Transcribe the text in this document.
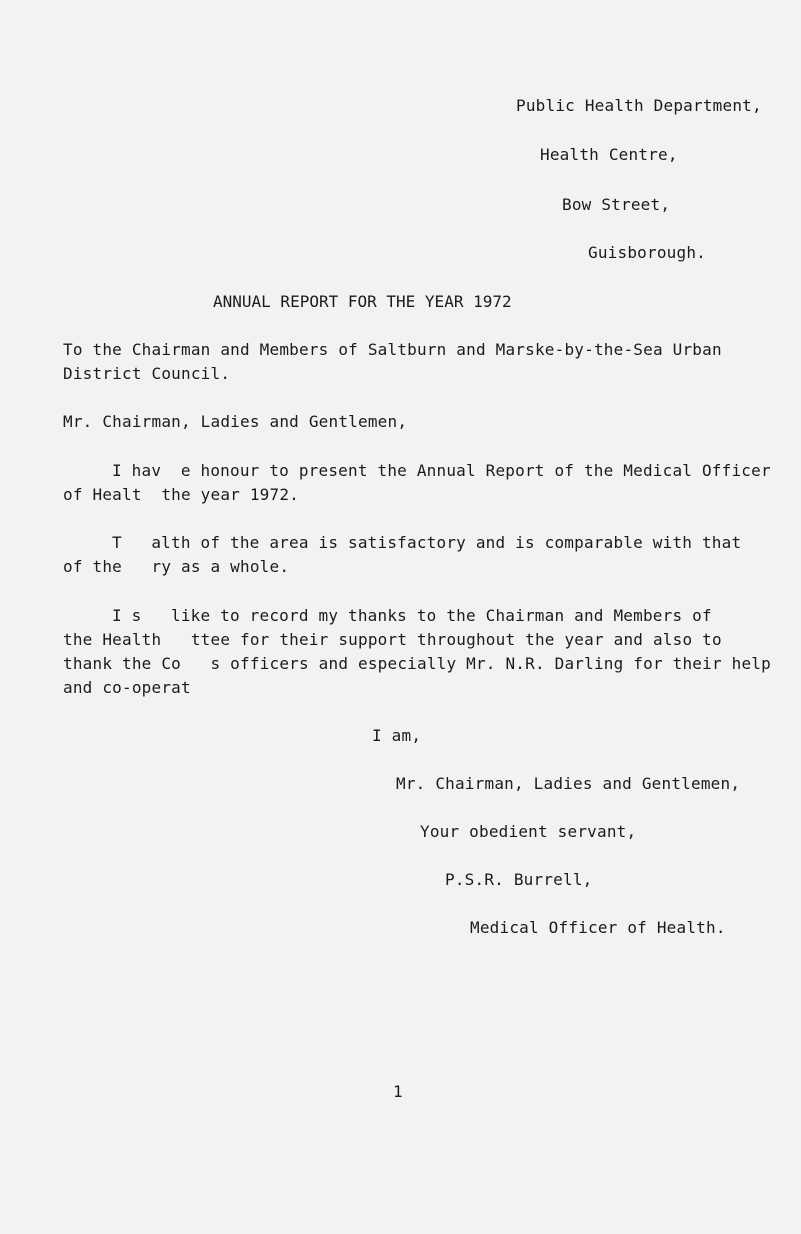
Public Health Department,
Health Centre,
Bow Street,
Guisborough.
ANNUAL REPORT FOR THE YEAR 1972
To the Chairman and Members of Saltburn and Marske-by-the-Sea Urban
District Council.
Mr. Chairman, Ladies and Gentlemen,
I hav  e honour to present the Annual Report of the Medical Officer
of Healt  the year 1972.
T   alth of the area is satisfactory and is comparable with that
of the   ry as a whole.
I s   like to record my thanks to the Chairman and Members of
the Health   ttee for their support throughout the year and also to
thank the Co   s officers and especially Mr. N.R. Darling for their help
and co-operat
I am,
Mr. Chairman, Ladies and Gentlemen,
Your obedient servant,
P.S.R. Burrell,
Medical Officer of Health.
1
